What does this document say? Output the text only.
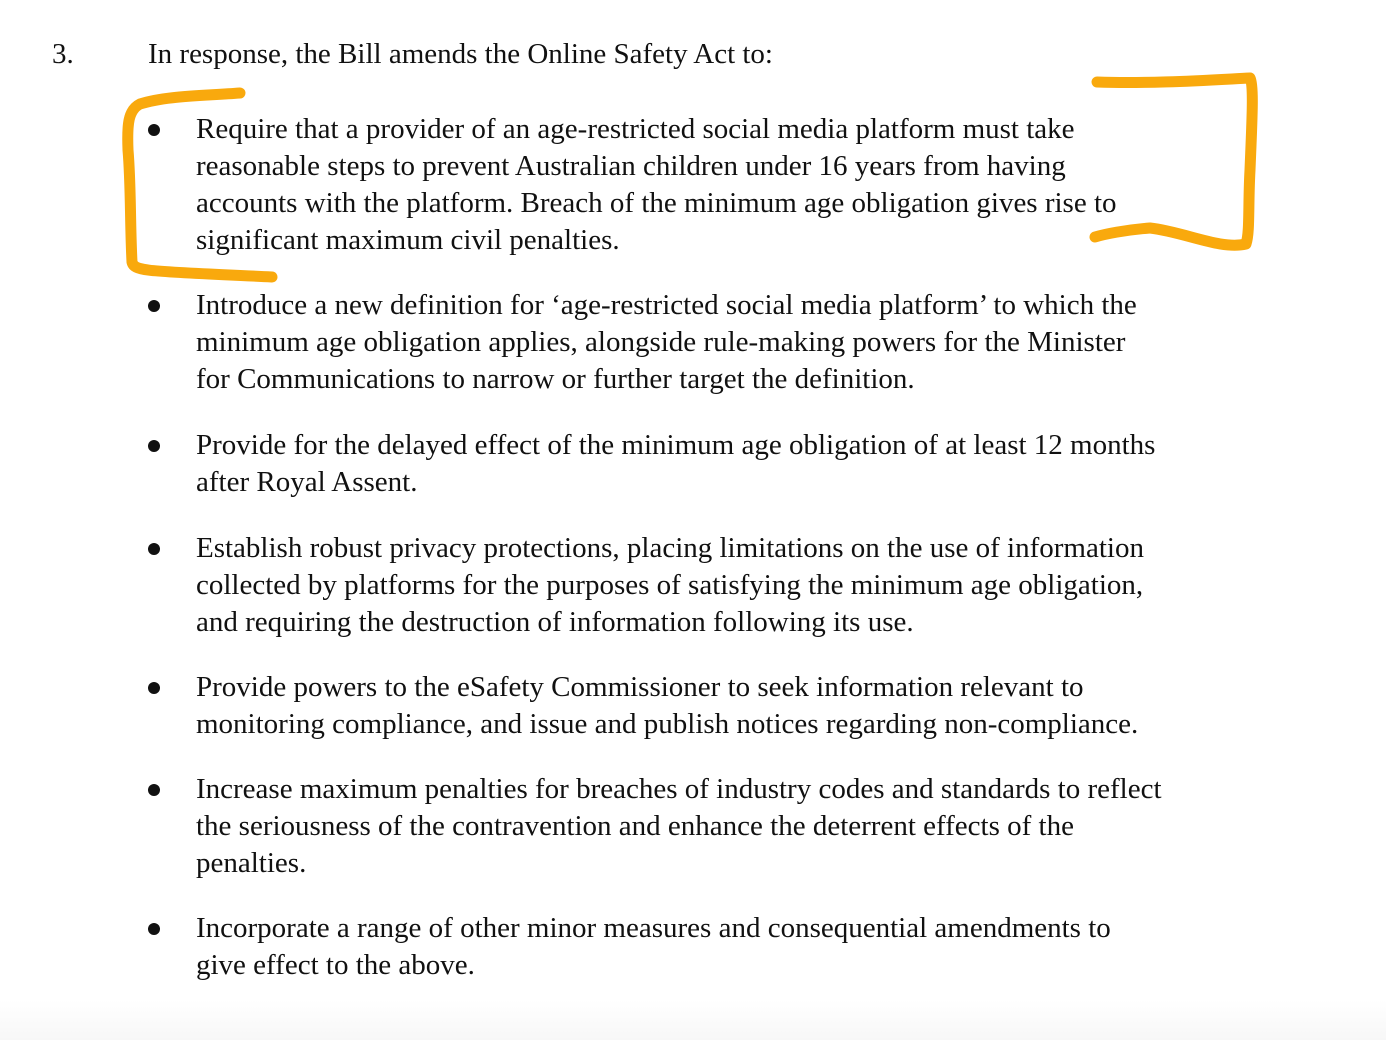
3.	In response, the Bill amends the Online Safety Act to:
Require that a provider of an age-restricted social media platform must take
reasonable steps to prevent Australian children under 16 years from having
accounts with the platform. Breach of the minimum age obligation gives rise to
significant maximum civil penalties.
Introduce a new definition for ‘age-restricted social media platform’ to which the
minimum age obligation applies, alongside rule-making powers for the Minister
for Communications to narrow or further target the definition.
Provide for the delayed effect of the minimum age obligation of at least 12 months
after Royal Assent.
Establish robust privacy protections, placing limitations on the use of information
collected by platforms for the purposes of satisfying the minimum age obligation,
and requiring the destruction of information following its use.
Provide powers to the eSafety Commissioner to seek information relevant to
monitoring compliance, and issue and publish notices regarding non-compliance.
Increase maximum penalties for breaches of industry codes and standards to reflect
the seriousness of the contravention and enhance the deterrent effects of the
penalties.
Incorporate a range of other minor measures and consequential amendments to
give effect to the above.
